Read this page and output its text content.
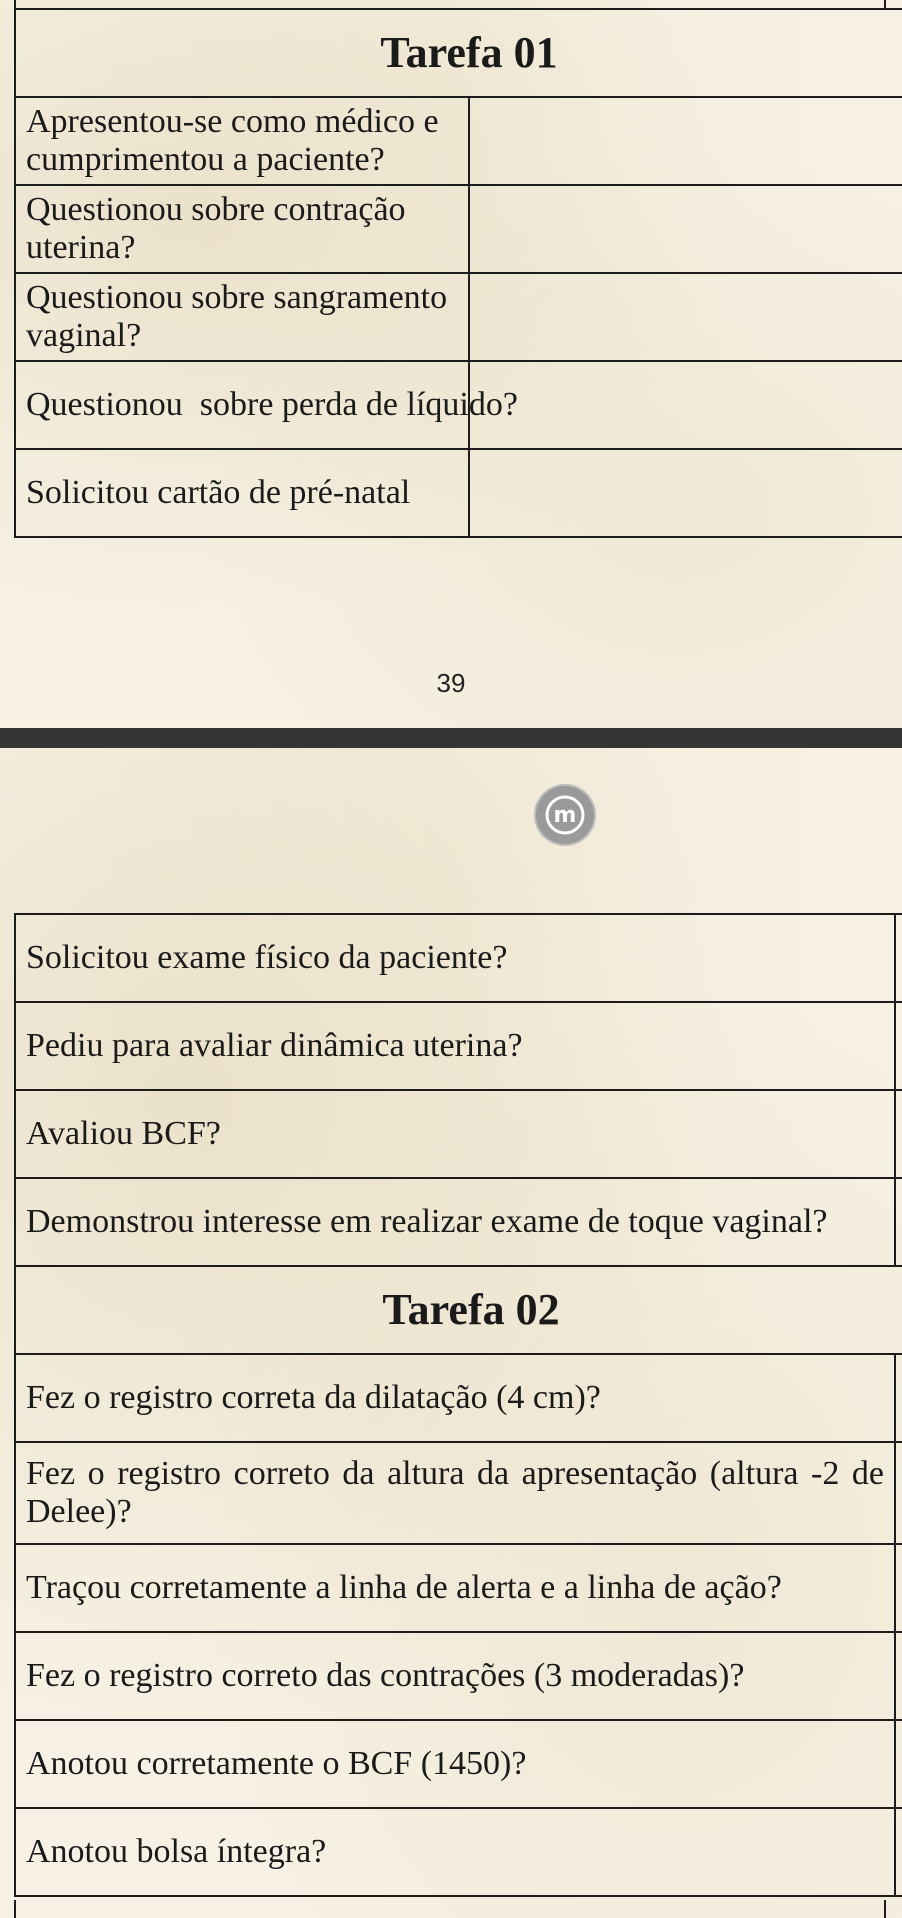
Tarefa 01	
Apresentou-se como médico e cumprimentou a paciente?	
Questionou sobre contração uterina?	
Questionou sobre sangramento vaginal?	
Questionou  sobre perda de líquido?	
Solicitou cartão de pré-natal	
39
Solicitou exame físico da paciente?	
Pediu para avaliar dinâmica uterina?	
Avaliou BCF?	
Demonstrou interesse em realizar exame de toque vaginal?	
Tarefa 02	
Fez o registro correta da dilatação (4 cm)?	
Fez o registro correto da altura da apresentação (altura -2 de Delee)?	
Traçou corretamente a linha de alerta e a linha de ação?	
Fez o registro correto das contrações (3 moderadas)?	
Anotou corretamente o BCF (1450)?	
Anotou bolsa íntegra?	
m
